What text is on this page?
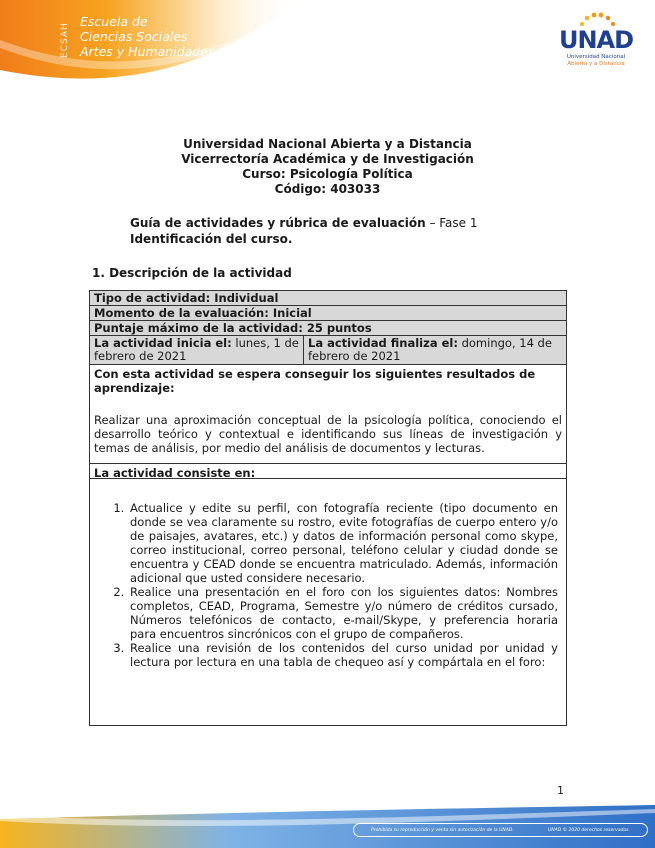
ECSAH
Escuela de
Ciencias Sociales
Artes y Humanidades	UNAD
Universidad Nacional
Abierta y a Distancia
Universidad Nacional Abierta y a Distancia
Vicerrectoría Académica y de Investigación
Curso: Psicología Política
Código: 403033
Guía de actividades y rúbrica de evaluación – Fase 1
Identificación del curso.
1. Descripción de la actividad
Tipo de actividad: Individual
Momento de la evaluación: Inicial
Puntaje máximo de la actividad: 25 puntos
La actividad inicia el: lunes, 1 de febrero de 2021
La actividad finaliza el: domingo, 14 de febrero de 2021
Con esta actividad se espera conseguir los siguientes resultados de aprendizaje:
Realizar una aproximación conceptual de la psicología política, conociendo el desarrollo teórico y contextual e identificando sus líneas de investigación y temas de análisis, por medio del análisis de documentos y lecturas.
La actividad consiste en:
1. Actualice y edite su perfil, con fotografía reciente (tipo documento en donde se vea claramente su rostro, evite fotografías de cuerpo entero y/o de paisajes, avatares, etc.) y datos de información personal como skype, correo institucional, correo personal, teléfono celular y ciudad donde se encuentra y CEAD donde se encuentra matriculado. Además, información adicional que usted considere necesario.
2. Realice una presentación en el foro con los siguientes datos: Nombres completos, CEAD, Programa, Semestre y/o número de créditos cursado, Números telefónicos de contacto, e-mail/Skype, y preferencia horaria para encuentros sincrónicos con el grupo de compañeros.
3. Realice una revisión de los contenidos del curso unidad por unidad y lectura por lectura en una tabla de chequeo así y compártala en el foro:
1
Prohibida su reproducción y venta sin autorización de la UNAD.	UNAD © 2020 derechos reservados.
